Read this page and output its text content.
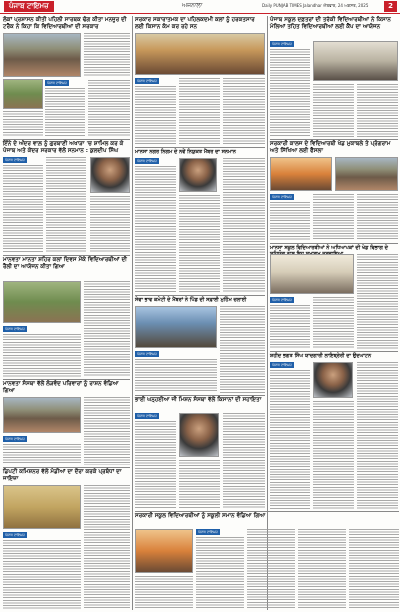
ਪੰਜਾਬ ਟਾਇਮਜ਼	ਅਜਨਾਲਾ	Daily PUNJAB TIMES Jalandhar ਐਤਵਾਰ, 24 ਅਗਸਤ, 2025	2
ਲੋਕਾਂ ਪ੍ਰਸ਼ਾਸਨ ਕੀਤੀ ਪਹਿਲੀ ਸਾਰਥਕ ਢੰਗ ਕੀਤਾ ਮਨਜੂਰ ਦੀ ਟਰੈਕ ਨੇ ਕਿਹਾ ਕਿ ਵਿਦਿਆਰਥੀਆਂ ਦੀ ਸਰਕਾਰ
ਪੰਜਾਬ ਟਾਇਮਜ਼
ਇੰਨੇ ਦੇ ਅੰਦਰ ਵਾਲ਼ ਨੂੰ ਗੁਰਬਾਣੀ ਅਖਾੜਾ 'ਚ ਸ਼ਾਮਿਲ ਕਰ ਕੇ ਪੰਜਾਬ ਅਤੇ ਕੇਂਦਰ ਸਰਕਾਰ ਵੱਲੋਂ ਸਨਮਾਨ : ਕੁਲਦੀਪ ਸਿੰਘ
ਪੰਜਾਬ ਟਾਇਮਜ਼
ਮਾਨਵਤਾ ਮਾਨਤਾ ਸ਼ਹਿਰ ਕਲਾਂ ਦਿਵਸ ਮੌਕੇ ਵਿਦਿਆਰਥੀਆਂ ਦੀ ਰੈਲੀ ਦਾ ਆਯੋਜਨ ਕੀਤਾ ਗਿਆ
ਪੰਜਾਬ ਟਾਇਮਜ਼
ਮਾਨਵਤਾ ਸੰਸਥਾ ਵੱਲੋਂ ਲੋੜਵੰਦ ਪਰਿਵਾਰਾਂ ਨੂੰ ਰਾਸ਼ਨ ਵੰਡਿਆ ਗਿਆ
ਪੰਜਾਬ ਟਾਇਮਜ਼
ਡਿਪਟੀ ਕਮਿਸ਼ਨਰ ਵੱਲੋਂ ਮੰਡੀਆਂ ਦਾ ਦੌਰਾ ਕਰਕੇ ਪ੍ਰਬੰਧਾਂ ਦਾ ਜਾਇਜ਼ਾ
ਪੰਜਾਬ ਟਾਇਮਜ਼
ਸਰਕਾਰ ਸਕਾਰਾਤਮਕ ਦਾ ਪਹਿਲਕਦਮੀ ਕਲਾਂ ਨੂੰ ਹਰਕਤਸਾਰ ਲਈ ਕਿਸਾਨ ਕੰਮ ਕਰ ਰਹੇ ਸਨ
ਪੰਜਾਬ ਟਾਇਮਜ਼
ਮਾਨਸਾ ਨਗਰ ਨਿਗਮ ਦੇ ਨਵੇਂ ਨਿਯੁਕਤ ਮੈਂਬਰ ਦਾ ਸਨਮਾਨ
ਪੰਜਾਬ ਟਾਇਮਜ਼
ਸੇਵਾ ਭਾਵ ਕਮੇਟੀ ਦੇ ਮੈਂਬਰਾਂ ਨੇ ਪਿੰਡ ਦੀ ਸਫ਼ਾਈ ਮੁਹਿੰਮ ਚਲਾਈ
ਪੰਜਾਬ ਟਾਇਮਜ਼
ਭਾਈ ਘਨ੍ਹਈਆ ਜੀ ਮਿਸ਼ਨ ਸੰਸਥਾ ਵੱਲੋਂ ਕਿਸਾਨਾਂ ਦੀ ਸਹਾਇਤਾ
ਪੰਜਾਬ ਟਾਇਮਜ਼
ਪੰਜਾਬ ਸਕੂਲ ਦਫ਼ਤਰਾਂ ਦੀ ਤਰੱਕੀ ਵਿਦਿਆਰਥੀਆਂ ਨੇ ਕਿਸਾਨ ਮੇਲਿਆਂ ਤਹਿਤ ਵਿਦਿਆਰਥੀਆਂ ਲਈ ਕੈਂਪ ਦਾ ਆਯੋਜਨ
ਪੰਜਾਬ ਟਾਇਮਜ਼
ਸਰਕਾਰੀ ਕਾਲਜ ਦੇ ਵਿਦਿਆਰਥੀ ਖੇਡ ਮੁਕਾਬਲੇ ਤੇ ਪ੍ਰੋਗਰਾਮ ਅਤੇ ਸਿੱਖਿਆ ਲਈ ਫੈਸਲਾ
ਪੰਜਾਬ ਟਾਇਮਜ਼
ਮਾਨਸਾ ਸਕੂਲ ਵਿਦਿਆਰਥੀਆਂ ਨੇ ਅਧਿਆਪਕਾਂ ਦੀ ਖੇਡ ਵਿਭਾਗ ਦੇ
ਪੰਜਾਬ ਟਾਇਮਜ਼
ਸ਼ਹੀਦ ਭਗਤ ਸਿੰਘ ਯਾਦਗਾਰੀ ਲਾਇਬ੍ਰੇਰੀ ਦਾ ਉਦਘਾਟਨ
ਪੰਜਾਬ ਟਾਇਮਜ਼
ਸਰਕਾਰੀ ਸਕੂਲ ਵਿਦਿਆਰਥੀਆਂ ਨੂੰ ਸਕੂਲੀ ਸਮਾਨ ਵੰਡਿਆ ਗਿਆ
ਪੰਜਾਬ ਟਾਇਮਜ਼
